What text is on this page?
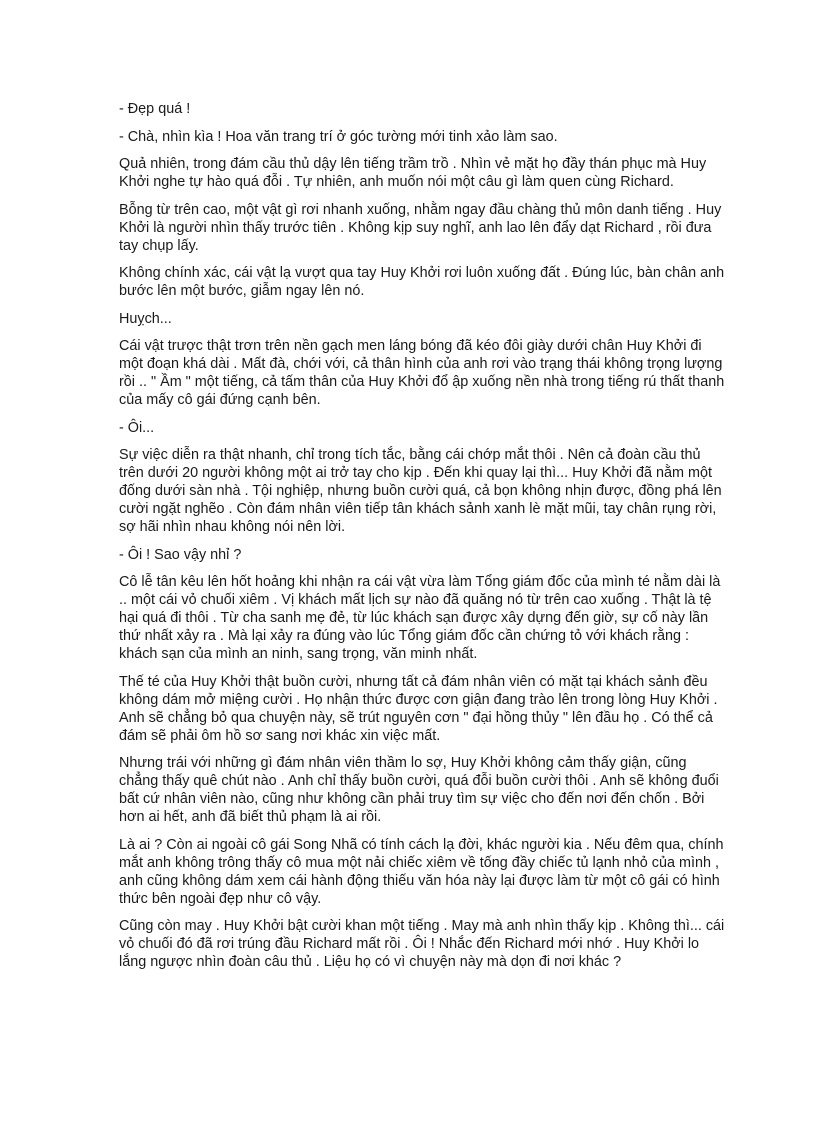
- Đẹp quá !

- Chà, nhìn kìa ! Hoa văn trang trí ở góc tường mới tinh xảo làm sao.

Quả nhiên, trong đám cầu thủ dậy lên tiếng trầm trồ . Nhìn vẻ mặt họ đầy thán phục mà Huy Khởi nghe tự hào quá đỗi . Tự nhiên, anh muốn nói một câu gì làm quen cùng Richard.

Bỗng từ trên cao, một vật gì rơi nhanh xuống, nhằm ngay đầu chàng thủ môn danh tiếng . Huy Khởi là người nhìn thấy trước tiên . Không kịp suy nghĩ, anh lao lên đẩy dạt Richard , rồi đưa tay chụp lấy.

Không chính xác, cái vật lạ vượt qua tay Huy Khởi rơi luôn xuống đất . Đúng lúc, bàn chân anh bước lên một bước, giẫm ngay lên nó.

Huỵch...

Cái vật trược thật trơn trên nền gạch men láng bóng đã kéo đôi giày dưới chân Huy Khởi đi một đoạn khá dài . Mất đà, chới với, cả thân hình của anh rơi vào trạng thái không trọng lượng rồi .. " Ầm " một tiếng, cả tấm thân của Huy Khởi đổ ập xuống nền nhà trong tiếng rú thất thanh của mấy cô gái đứng cạnh bên.

- Ôi...

Sự việc diễn ra thật nhanh, chỉ trong tích tắc, bằng cái chớp mắt thôi . Nên cả đoàn cầu thủ trên dưới 20 người không một ai trở tay cho kịp . Đến khi quay lại thì... Huy Khởi đã nằm một đống dưới sàn nhà . Tội nghiệp, nhưng buồn cười quá, cả bọn không nhịn được, đồng phá lên cười ngặt nghẽo . Còn đám nhân viên tiếp tân khách sảnh xanh lè mặt mũi, tay chân rụng rời, sợ hãi nhìn nhau không nói nên lời.

- Ôi ! Sao vậy nhỉ ?

Cô lễ tân kêu lên hốt hoảng khi nhận ra cái vật vừa làm Tổng giám đốc của mình té nằm dài là .. một cái vỏ chuối xiêm . Vị khách mất lịch sự nào đã quăng nó từ trên cao xuống . Thật là tệ hại quá đi thôi . Từ cha sanh mẹ đẻ, từ lúc khách sạn được xây dựng đến giờ, sự cố này lần thứ nhất xảy ra . Mà lại xảy ra đúng vào lúc Tổng giám đốc cần chứng tỏ với khách rằng : khách sạn của mình an ninh, sang trọng, văn minh nhất.

Thế té của Huy Khởi thật buồn cười, nhưng tất cả đám nhân viên có mặt tại khách sảnh đều không dám mở miệng cười . Họ nhận thức được cơn giận đang trào lên trong lòng Huy Khởi . Anh sẽ chẳng bỏ qua chuyện này, sẽ trút nguyên cơn " đại hồng thủy " lên đầu họ . Có thể cả đám sẽ phải ôm hồ sơ sang nơi khác xin việc mất.

Nhưng trái với những gì đám nhân viên thầm lo sợ, Huy Khởi không cảm thấy giận, cũng chẳng thấy quê chút nào . Anh chỉ thấy buồn cười, quá đỗi buồn cười thôi . Anh sẽ không đuổi bất cứ nhân viên nào, cũng như không cần phải truy tìm sự việc cho đến nơi đến chốn . Bởi hơn ai hết, anh đã biết thủ phạm là ai rồi.

Là ai ? Còn ai ngoài cô gái Song Nhã có tính cách lạ đời, khác người kia . Nếu đêm qua, chính mắt anh không trông thấy cô mua một nải chiếc xiêm về tống đầy chiếc tủ lạnh nhỏ của mình , anh cũng không dám xem cái hành động thiếu văn hóa này lại được làm từ một cô gái có hình thức bên ngoài đẹp như cô vậy.

Cũng còn may . Huy Khởi bật cười khan một tiếng . May mà anh nhìn thấy kịp . Không thì... cái vỏ chuối đó đã rơi trúng đầu Richard mất rồi . Ôi ! Nhắc đến Richard mới nhớ . Huy Khởi lo lắng ngược nhìn đoàn câu thủ . Liệu họ có vì chuyện này mà dọn đi nơi khác ?
